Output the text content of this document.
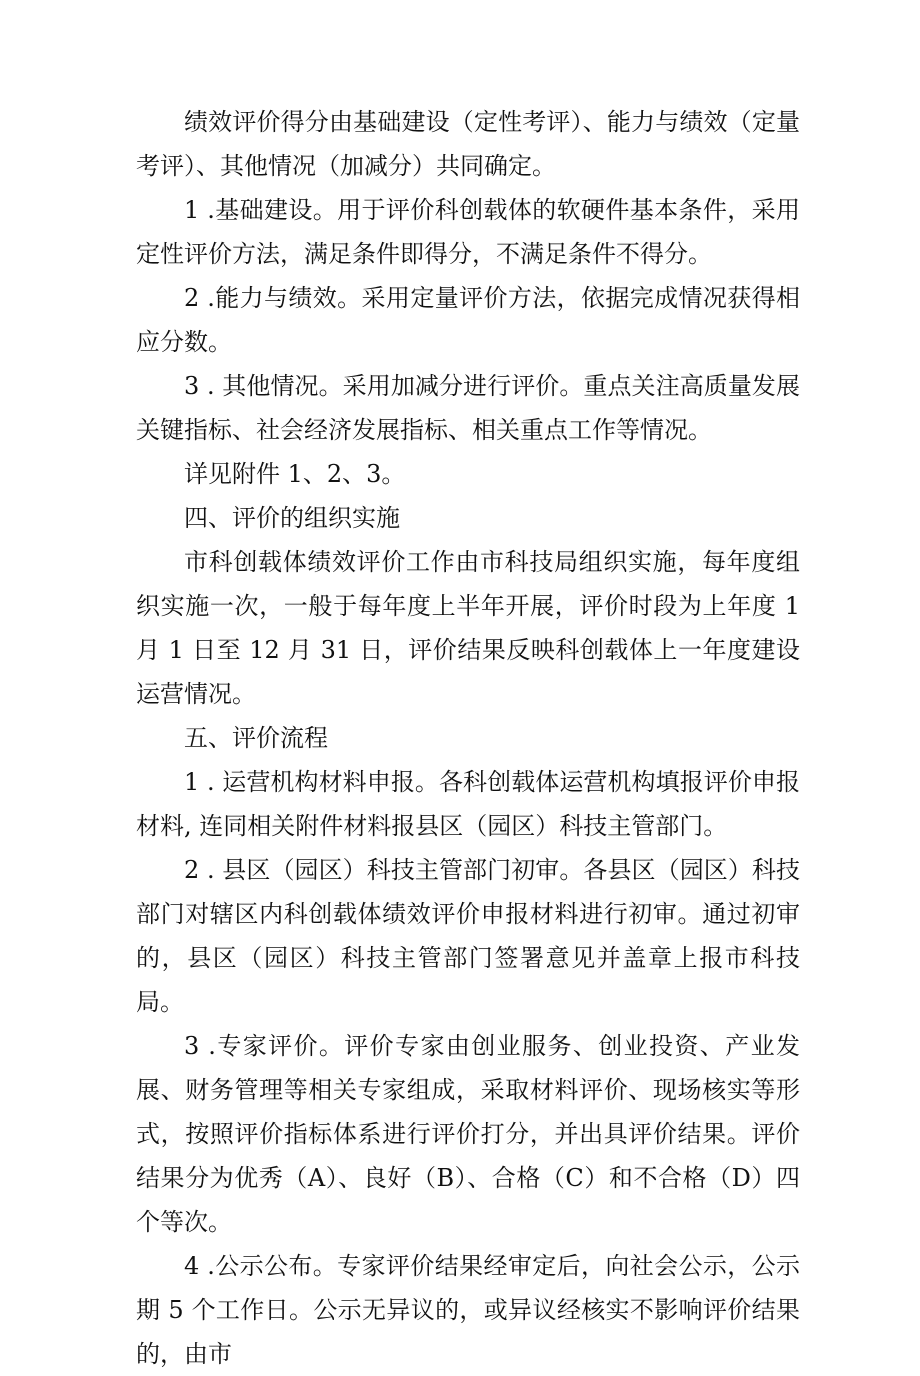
绩效评价得分由基础建设（定性考评）、能力与绩效（定量考评）、其他情况（加减分）共同确定。

1 .基础建设。用于评价科创载体的软硬件基本条件，采用定性评价方法，满足条件即得分，不满足条件不得分。

2 .能力与绩效。采用定量评价方法，依据完成情况获得相应分数。

3 . 其他情况。采用加减分进行评价。重点关注高质量发展关键指标、社会经济发展指标、相关重点工作等情况。

详见附件 1、2、3。

四、评价的组织实施

市科创载体绩效评价工作由市科技局组织实施，每年度组织实施一次，一般于每年度上半年开展，评价时段为上年度 1 月 1 日至 12 月 31 日，评价结果反映科创载体上一年度建设运营情况。

五、评价流程

1 . 运营机构材料申报。各科创载体运营机构填报评价申报材料, 连同相关附件材料报县区（园区）科技主管部门。

2 . 县区（园区）科技主管部门初审。各县区（园区）科技部门对辖区内科创载体绩效评价申报材料进行初审。通过初审的，县区（园区）科技主管部门签署意见并盖章上报市科技局。

3 .专家评价。评价专家由创业服务、创业投资、产业发展、财务管理等相关专家组成，采取材料评价、现场核实等形式，按照评价指标体系进行评价打分，并出具评价结果。评价结果分为优秀（A）、良好（B）、合格（C）和不合格（D）四个等次。

4 .公示公布。专家评价结果经审定后，向社会公示，公示期 5 个工作日。公示无异议的，或异议经核实不影响评价结果的，由市
